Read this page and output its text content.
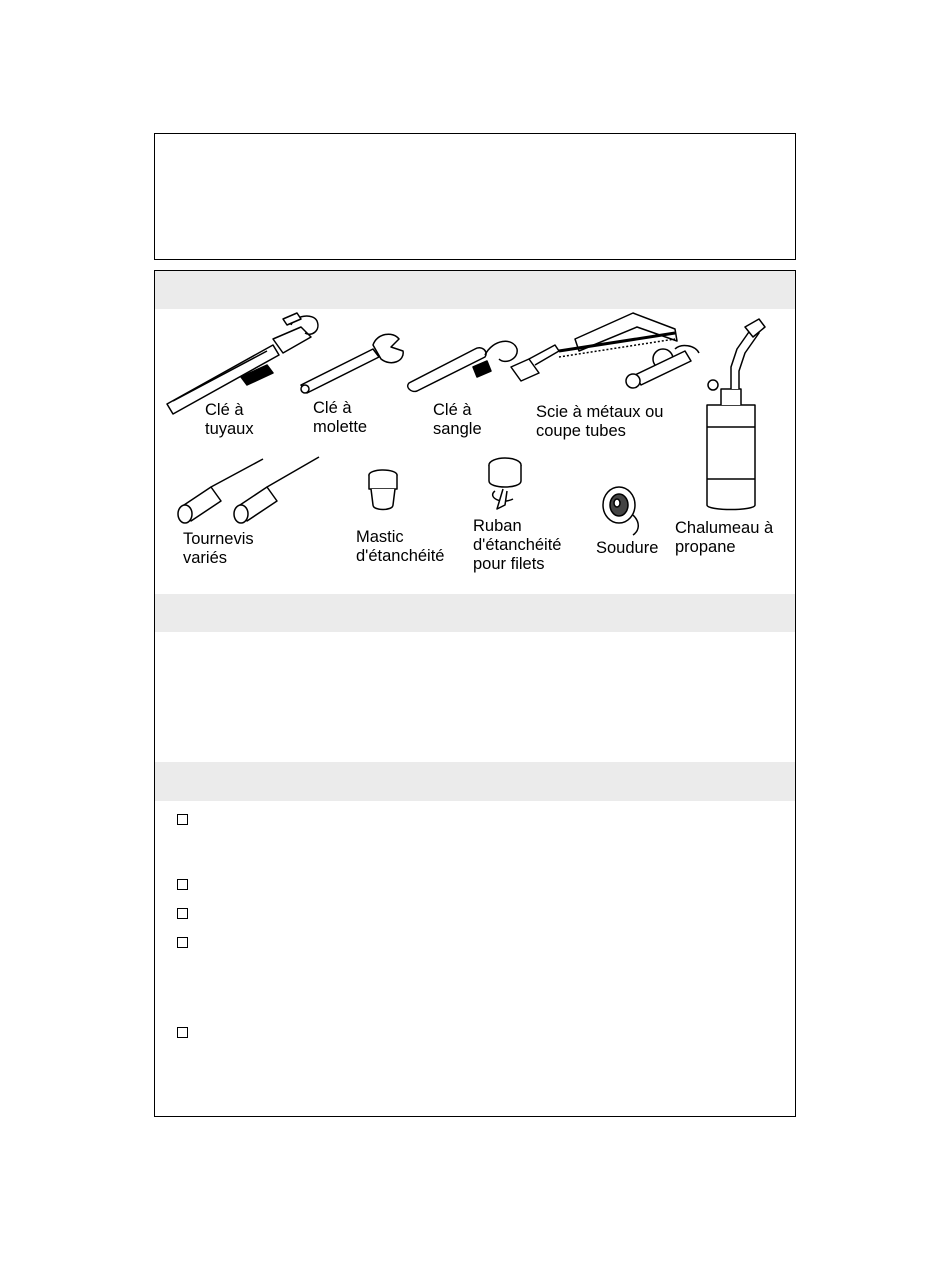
Clé à
tuyaux
Clé à
molette
Clé à
sangle
Scie à métaux ou
coupe tubes
Chalumeau à
propane
Tournevis
variés
Mastic
d'étanchéité
Ruban
d'étanchéité
pour filets
Soudure
